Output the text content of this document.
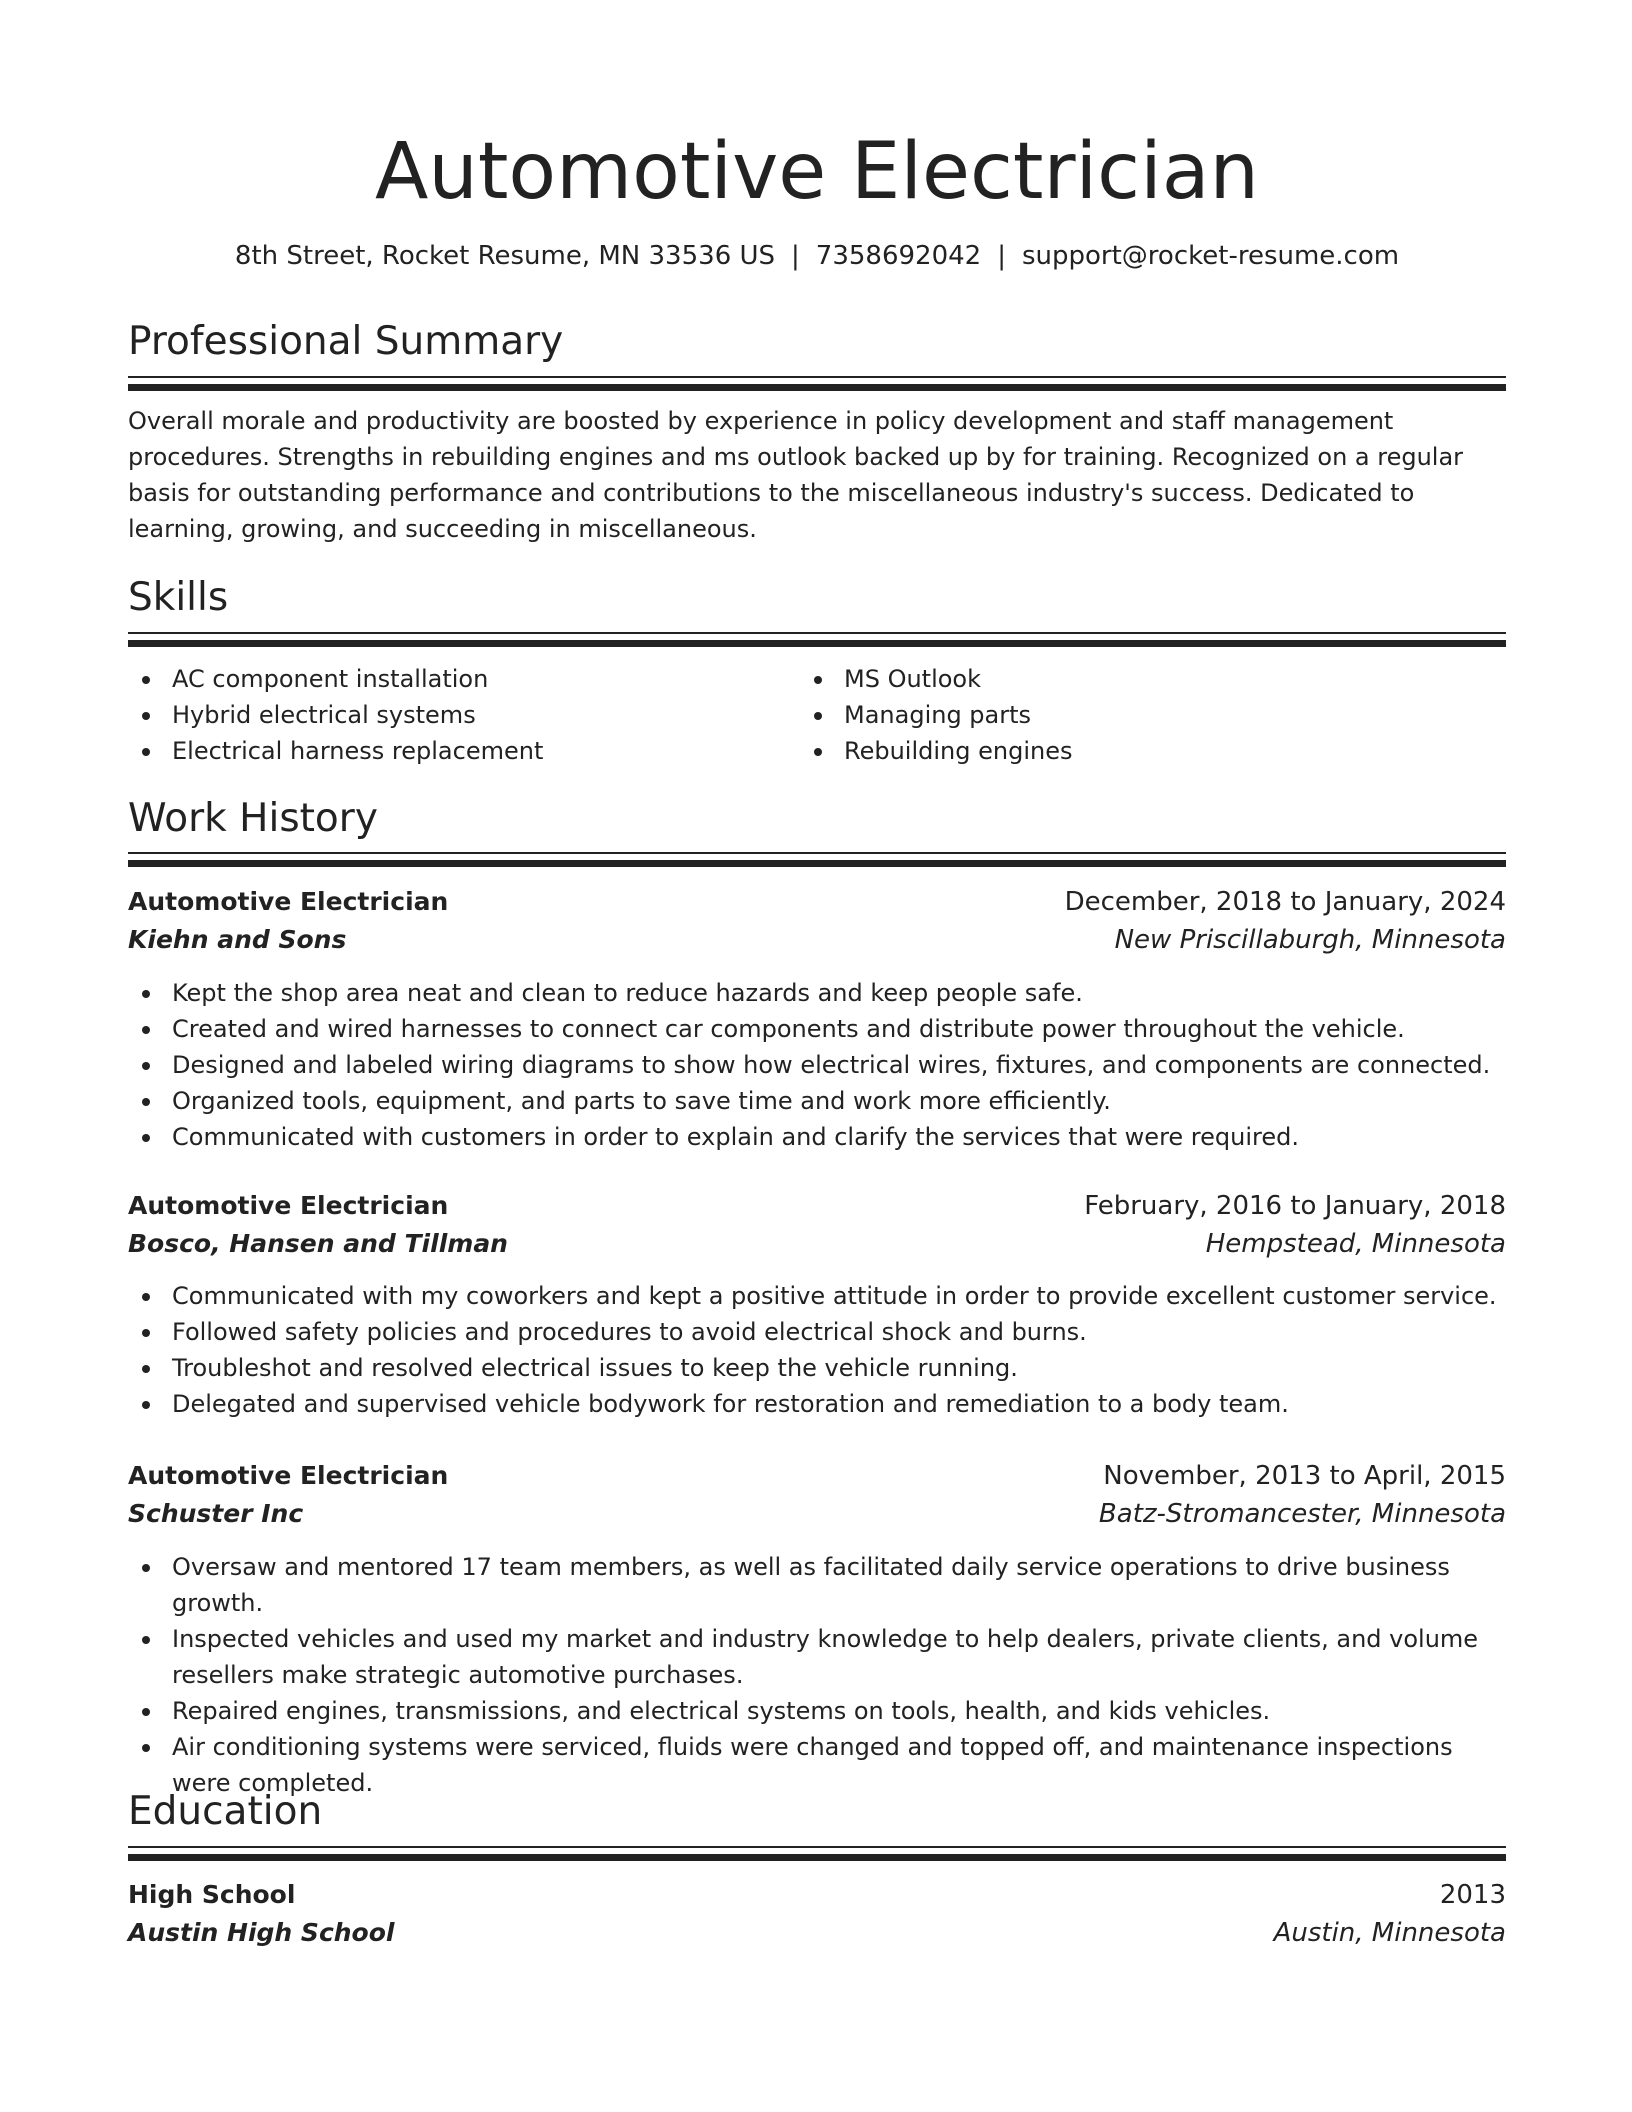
Automotive Electrician
8th Street, Rocket Resume, MN 33536 US | 7358692042 | support@rocket-resume.com
Professional Summary

Overall morale and productivity are boosted by experience in policy development and staff management procedures. Strengths in rebuilding engines and ms outlook backed up by for training. Recognized on a regular basis for outstanding performance and contributions to the miscellaneous industry's success. Dedicated to learning, growing, and succeeding in miscellaneous.

Skills
AC component installation
Hybrid electrical systems
Electrical harness replacement
MS Outlook
Managing parts
Rebuilding engines
Work History
Automotive Electrician	December, 2018 to January, 2024
Kiehn and Sons	New Priscillaburgh, Minnesota
Kept the shop area neat and clean to reduce hazards and keep people safe.
Created and wired harnesses to connect car components and distribute power throughout the vehicle.
Designed and labeled wiring diagrams to show how electrical wires, fixtures, and components are connected.
Organized tools, equipment, and parts to save time and work more efficiently.
Communicated with customers in order to explain and clarify the services that were required.
Automotive Electrician	February, 2016 to January, 2018
Bosco, Hansen and Tillman	Hempstead, Minnesota
Communicated with my coworkers and kept a positive attitude in order to provide excellent customer service.
Followed safety policies and procedures to avoid electrical shock and burns.
Troubleshot and resolved electrical issues to keep the vehicle running.
Delegated and supervised vehicle bodywork for restoration and remediation to a body team.
Automotive Electrician	November, 2013 to April, 2015
Schuster Inc	Batz-Stromancester, Minnesota
Oversaw and mentored 17 team members, as well as facilitated daily service operations to drive business growth.
Inspected vehicles and used my market and industry knowledge to help dealers, private clients, and volume resellers make strategic automotive purchases.
Repaired engines, transmissions, and electrical systems on tools, health, and kids vehicles.
Air conditioning systems were serviced, fluids were changed and topped off, and maintenance inspections were completed.
Education
High School	2013
Austin High School	Austin, Minnesota
